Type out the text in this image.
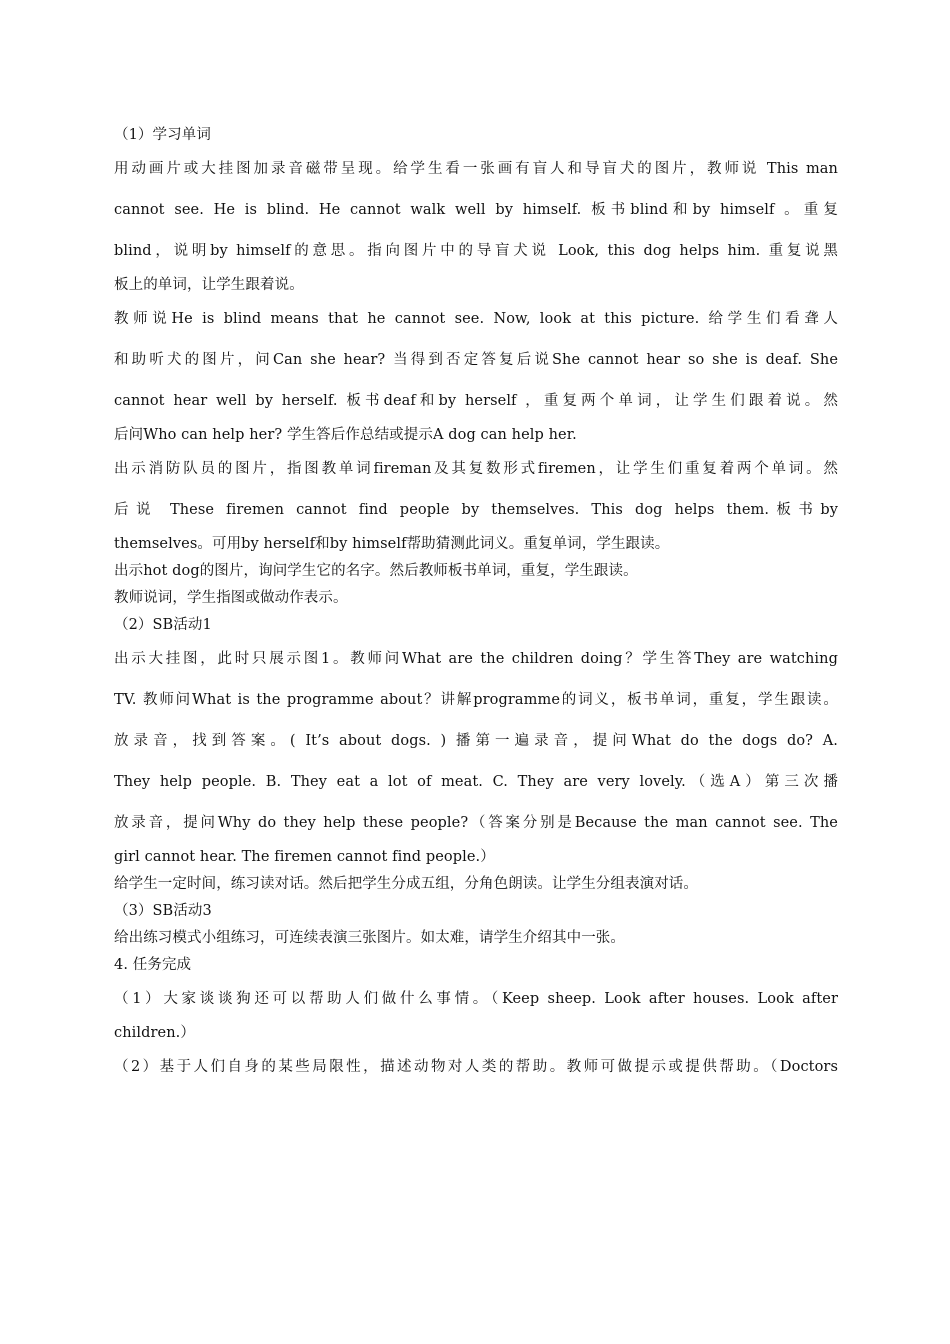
（1）学习单词
用动画片或大挂图加录音磁带呈现。给学生看一张画有盲人和导盲犬的图片，教师说 This man
cannot see. He is blind. He cannot walk well by himself. 板书blind和by himself 。重复
blind，说明by himself的意思。指向图片中的导盲犬说 Look, this dog helps him. 重复说黑
板上的单词，让学生跟着说。
教师说He is blind means that he cannot see. Now, look at this picture. 给学生们看聋人
和助听犬的图片，问Can she hear? 当得到否定答复后说She cannot hear so she is deaf. She
cannot hear well by herself. 板书deaf和by herself ，重复两个单词，让学生们跟着说。然
后问Who can help her? 学生答后作总结或提示A dog can help her.
出示消防队员的图片，指图教单词fireman及其复数形式firemen，让学生们重复着两个单词。然
后说 These firemen cannot find people by themselves. This dog helps them.板书by
themselves。可用by herself和by himself帮助猜测此词义。重复单词，学生跟读。
出示hot dog的图片，询问学生它的名字。然后教师板书单词，重复，学生跟读。
教师说词，学生指图或做动作表示。
（2）SB活动1
出示大挂图，此时只展示图1。教师问What are the children doing？学生答They are watching
TV. 教师问What is the programme about？讲解programme的词义，板书单词，重复，学生跟读。
放录音，找到答案。( It’s about dogs. ) 播第一遍录音，提问What do the dogs do? A.
They help people. B. They eat a lot of meat. C. They are very lovely.（选A）第三次播
放录音，提问Why do they help these people?（答案分别是Because the man cannot see. The
girl cannot hear. The firemen cannot find people.）
给学生一定时间，练习读对话。然后把学生分成五组，分角色朗读。让学生分组表演对话。
（3）SB活动3
给出练习模式小组练习，可连续表演三张图片。如太难，请学生介绍其中一张。
4. 任务完成
（1）大家谈谈狗还可以帮助人们做什么事情。（Keep sheep. Look after houses. Look after
children.）
（2）基于人们自身的某些局限性，描述动物对人类的帮助。教师可做提示或提供帮助。（Doctors
